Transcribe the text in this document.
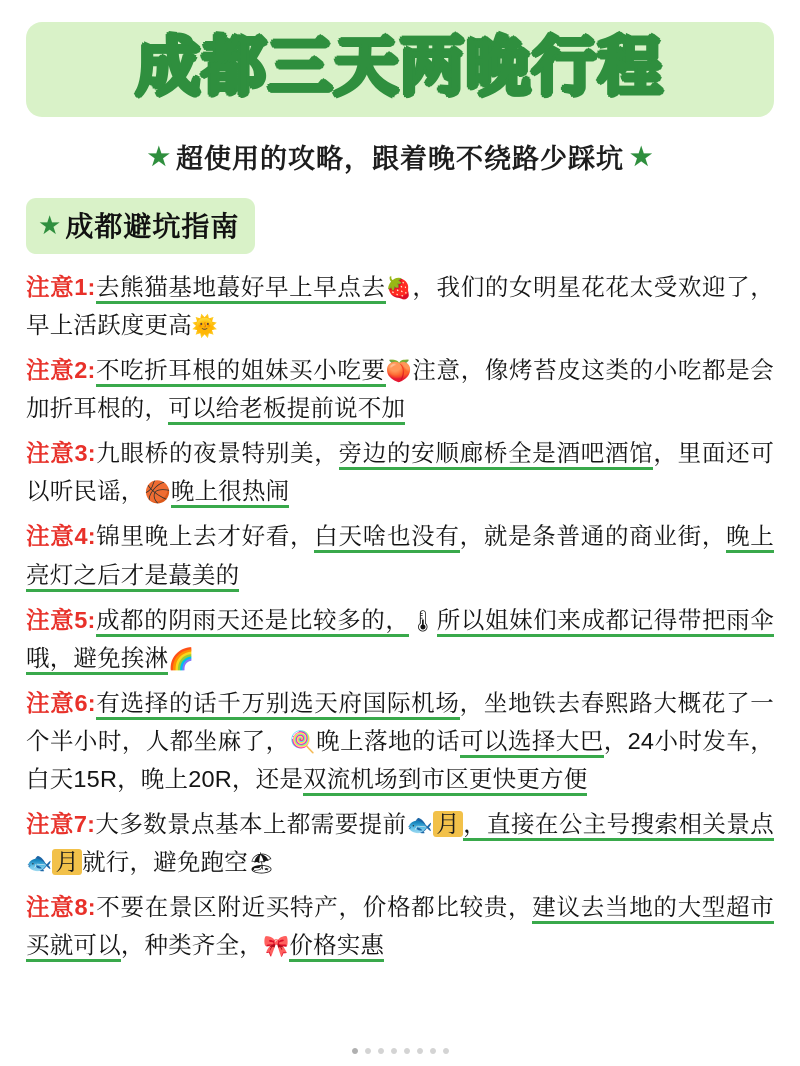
成都三天两晚行程
★ 超使用的攻略，跟着晚不绕路少踩坑 ★
★ 成都避坑指南

注意1:去熊猫基地蕞好早上早点去🍓，我们的女明星花花太受欢迎了，早上活跃度更高🌞

注意2:不吃折耳根的姐妹买小吃要🍑注意，像烤苔皮这类的小吃都是会加折耳根的，可以给老板提前说不加

注意3:九眼桥的夜景特别美，旁边的安顺廊桥全是酒吧酒馆，里面还可以听民谣，🏀晚上很热闹

注意4:锦里晚上去才好看，白天啥也没有，就是条普通的商业街，晚上亮灯之后才是蕞美的

注意5:成都的阴雨天还是比较多的，🌡所以姐妹们来成都记得带把雨伞哦，避免挨淋🌈

注意6:有选择的话千万别选天府国际机场，坐地铁去春熙路大概花了一个半小时，人都坐麻了，🍭晚上落地的话可以选择大巴，24小时发车，白天15R，晚上20R，还是双流机场到市区更快更方便

注意7:大多数景点基本上都需要提前🐟 月 ，直接在公主号搜索相关景点🐟 月 就行，避免跑空🏖

注意8:不要在景区附近买特产，价格都比较贵，建议去当地的大型超市买就可以，种类齐全，🎀价格实惠
